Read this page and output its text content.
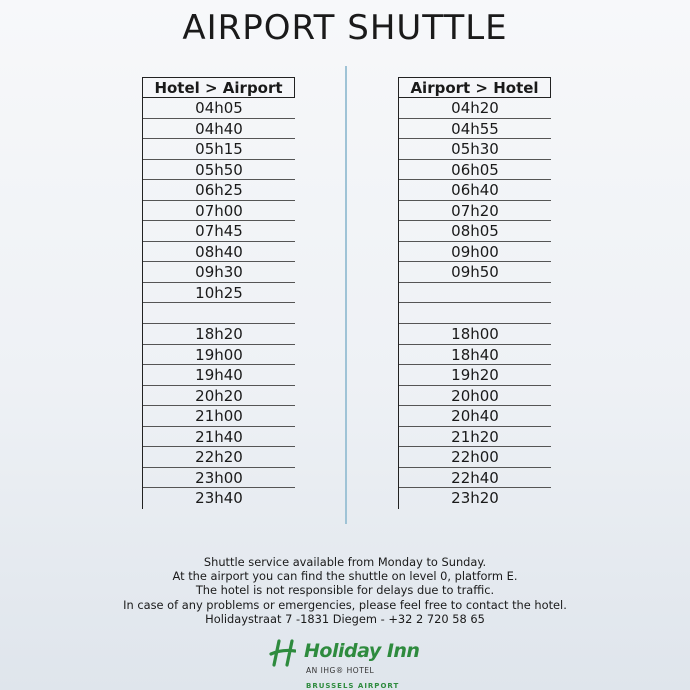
AIRPORT SHUTTLE
Hotel > Airport
04h05
04h40
05h15
05h50
06h25
07h00
07h45
08h40
09h30
10h25
18h20
19h00
19h40
20h20
21h00
21h40
22h20
23h00
23h40
Airport > Hotel
04h20
04h55
05h30
06h05
06h40
07h20
08h05
09h00
09h50
18h00
18h40
19h20
20h00
20h40
21h20
22h00
22h40
23h20
Shuttle service available from Monday to Sunday.
At the airport you can find the shuttle on level 0, platform E.
The hotel is not responsible for delays due to traffic.
In case of any problems or emergencies, please feel free to contact the hotel.
Holidaystraat 7 -1831 Diegem - +32 2 720 58 65
Holiday Inn
AN IHG® HOTEL
BRUSSELS AIRPORT
